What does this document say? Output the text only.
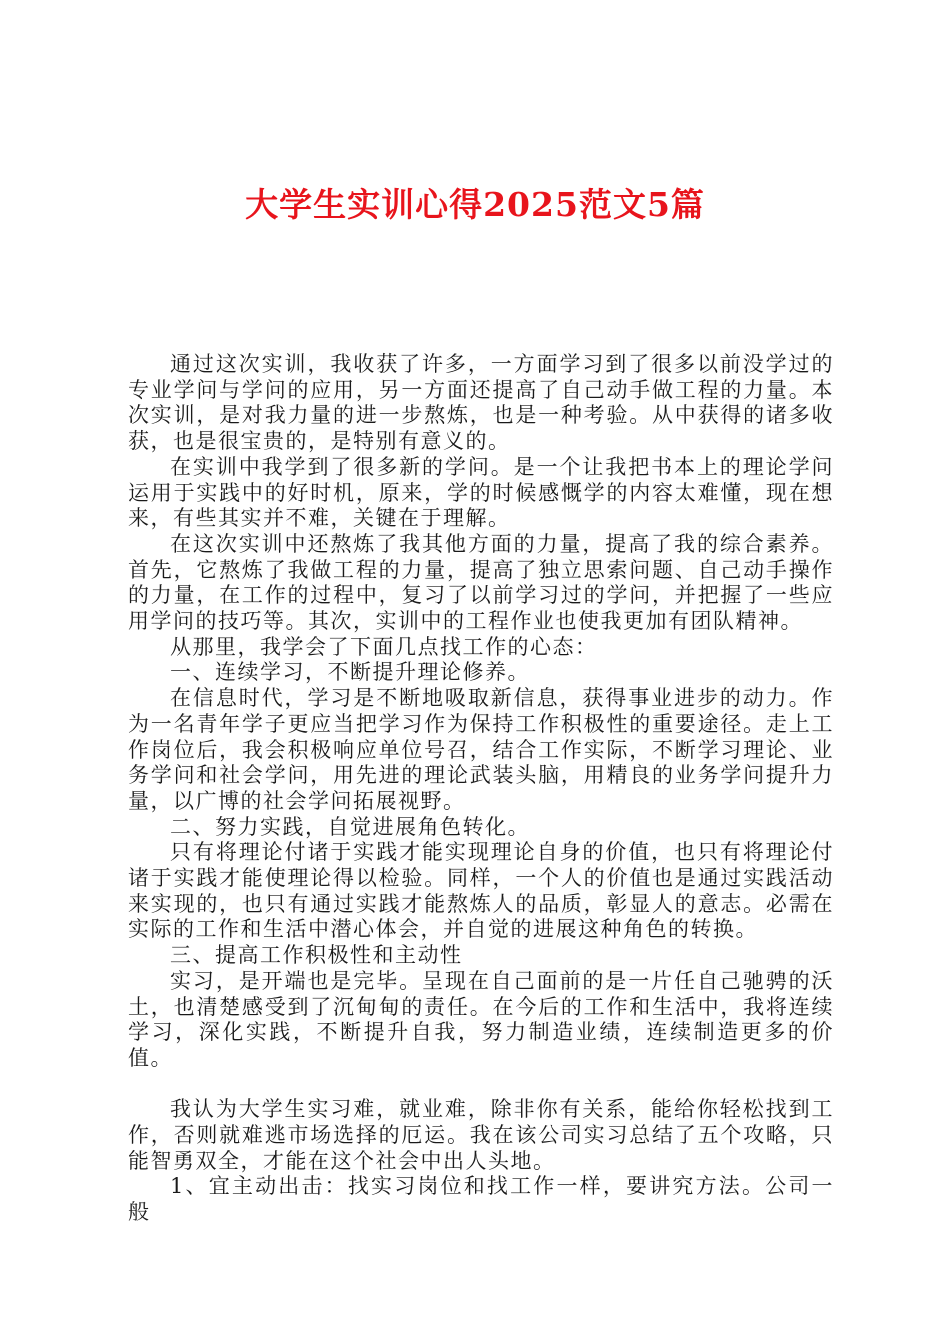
大学生实训心得2025范文5篇

通过这次实训，我收获了许多，一方面学习到了很多以前没学过的专业学问与学问的应用，另一方面还提高了自己动手做工程的力量。本次实训，是对我力量的进一步熬炼，也是一种考验。从中获得的诸多收获，也是很宝贵的，是特别有意义的。

在实训中我学到了很多新的学问。是一个让我把书本上的理论学问运用于实践中的好时机，原来，学的时候感慨学的内容太难懂，现在想来，有些其实并不难，关键在于理解。

在这次实训中还熬炼了我其他方面的力量，提高了我的综合素养。首先，它熬炼了我做工程的力量，提高了独立思索问题、自己动手操作的力量，在工作的过程中，复习了以前学习过的学问，并把握了一些应用学问的技巧等。其次，实训中的工程作业也使我更加有团队精神。

从那里，我学会了下面几点找工作的心态：

一、连续学习，不断提升理论修养。

在信息时代，学习是不断地吸取新信息，获得事业进步的动力。作为一名青年学子更应当把学习作为保持工作积极性的重要途径。走上工作岗位后，我会积极响应单位号召，结合工作实际，不断学习理论、业务学问和社会学问，用先进的理论武装头脑，用精良的业务学问提升力量，以广博的社会学问拓展视野。

二、努力实践，自觉进展角色转化。

只有将理论付诸于实践才能实现理论自身的价值，也只有将理论付诸于实践才能使理论得以检验。同样，一个人的价值也是通过实践活动来实现的，也只有通过实践才能熬炼人的品质，彰显人的意志。必需在实际的工作和生活中潜心体会，并自觉的进展这种角色的转换。

三、提高工作积极性和主动性

实习，是开端也是完毕。呈现在自己面前的是一片任自己驰骋的沃土，也清楚感受到了沉甸甸的责任。在今后的工作和生活中，我将连续学习，深化实践，不断提升自我，努力制造业绩，连续制造更多的价值。

我认为大学生实习难，就业难，除非你有关系，能给你轻松找到工作，否则就难逃市场选择的厄运。我在该公司实习总结了五个攻略，只能智勇双全，才能在这个社会中出人头地。

1、宜主动出击：找实习岗位和找工作一样，要讲究方法。公司一般
